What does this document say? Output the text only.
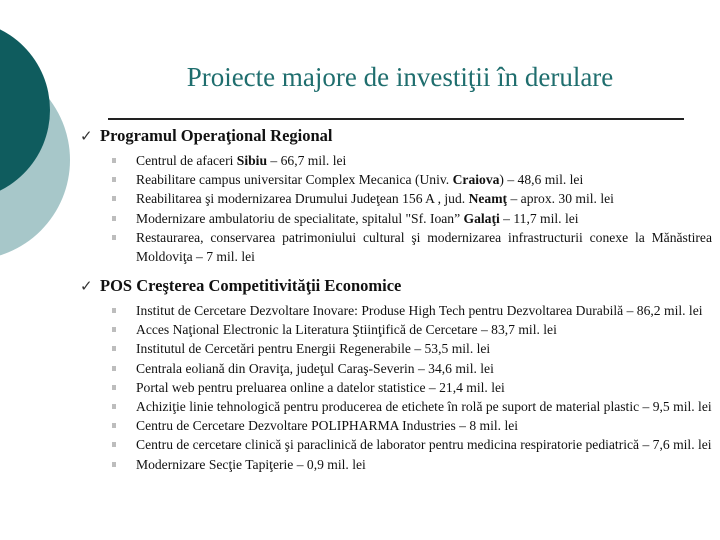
Proiecte majore de investiţii în derulare
✓ Programul Operaţional Regional
Centrul de afaceri Sibiu – 66,7 mil. lei
Reabilitare campus universitar Complex Mecanica (Univ. Craiova) – 48,6 mil. lei
Reabilitarea şi modernizarea Drumului Judeţean 156 A , jud. Neamţ – aprox. 30 mil. lei
Modernizare ambulatoriu de specialitate, spitalul "Sf. Ioan” Galaţi – 11,7 mil. lei
Restaurarea, conservarea patrimoniului cultural şi modernizarea infrastructurii conexe la Mănăstirea Moldoviţa – 7 mil. lei
✓ POS Creşterea Competitivităţii Economice
Institut de Cercetare Dezvoltare Inovare: Produse High Tech pentru Dezvoltarea Durabilă – 86,2 mil. lei
Acces Naţional Electronic la Literatura Ştiinţifică de Cercetare – 83,7 mil. lei
Institutul de Cercetări pentru Energii Regenerabile – 53,5 mil. lei
Centrala eoliană din Oraviţa, judeţul Caraş-Severin – 34,6 mil. lei
Portal web pentru preluarea online a datelor statistice – 21,4 mil. lei
Achiziţie linie tehnologică pentru producerea de etichete în rolă pe suport de material plastic – 9,5 mil. lei
Centru de Cercetare Dezvoltare POLIPHARMA Industries – 8 mil. lei
Centru de cercetare clinică şi paraclinică de laborator pentru medicina respiratorie pediatrică – 7,6 mil. lei
Modernizare Secţie Tapiţerie – 0,9 mil. lei
